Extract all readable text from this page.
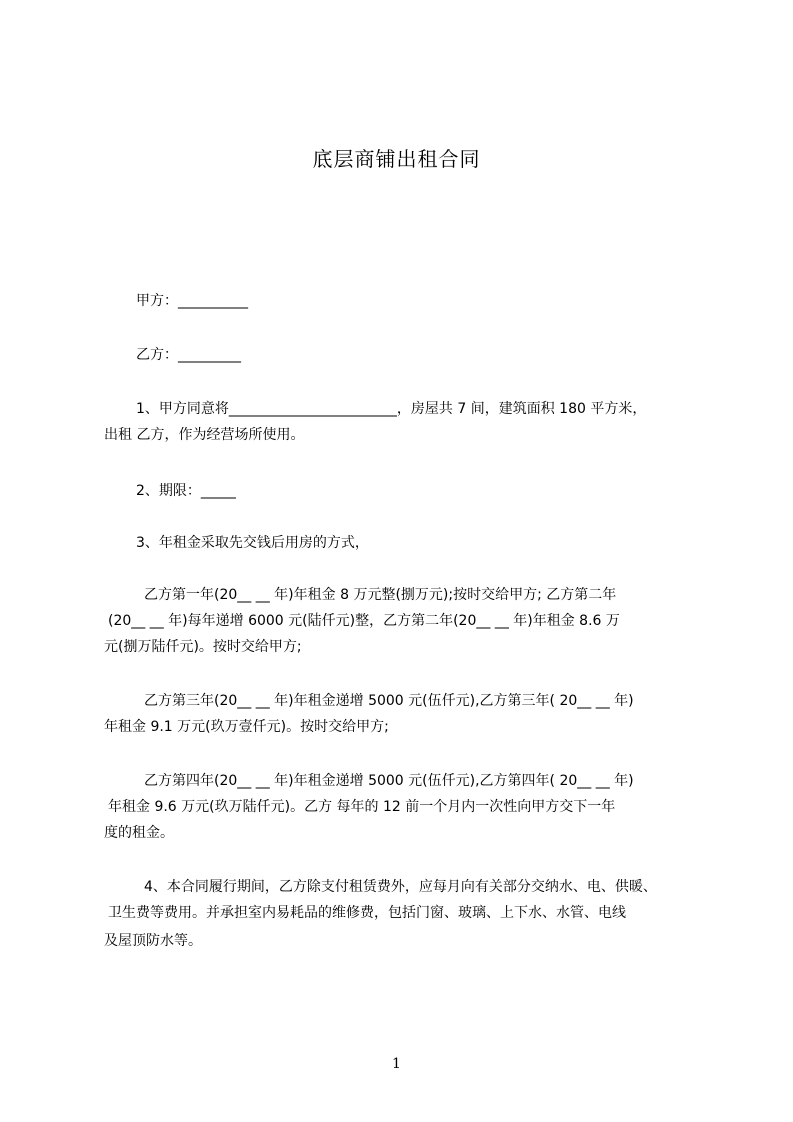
底层商铺出租合同
甲方：__________
乙方：_________
1、甲方同意将________________________，房屋共 7 间，建筑面积 180 平方米，
出租 乙方，作为经营场所使用。
2、期限：_____
3、年租金采取先交钱后用房的方式，
乙方第一年(20__ __ 年)年租金 8 万元整(捌万元);按时交给甲方; 乙方第二年
(20__ __ 年)每年递增 6000 元(陆仟元)整，乙方第二年(20__ __ 年)年租金 8.6 万
元(捌万陆仟元)。按时交给甲方;
乙方第三年(20__ __ 年)年租金递增 5000 元(伍仟元),乙方第三年( 20__ __ 年)
年租金 9.1 万元(玖万壹仟元)。按时交给甲方;
乙方第四年(20__ __ 年)年租金递增 5000 元(伍仟元),乙方第四年( 20__ __ 年)
年租金 9.6 万元(玖万陆仟元)。乙方 每年的 12 前一个月内一次性向甲方交下一年
度的租金。
4、本合同履行期间，乙方除支付租赁费外，应每月向有关部分交纳水、电、供暖、
卫生费等费用。并承担室内易耗品的维修费，包括门窗、玻璃、上下水、水管、电线
及屋顶防水等。
1
